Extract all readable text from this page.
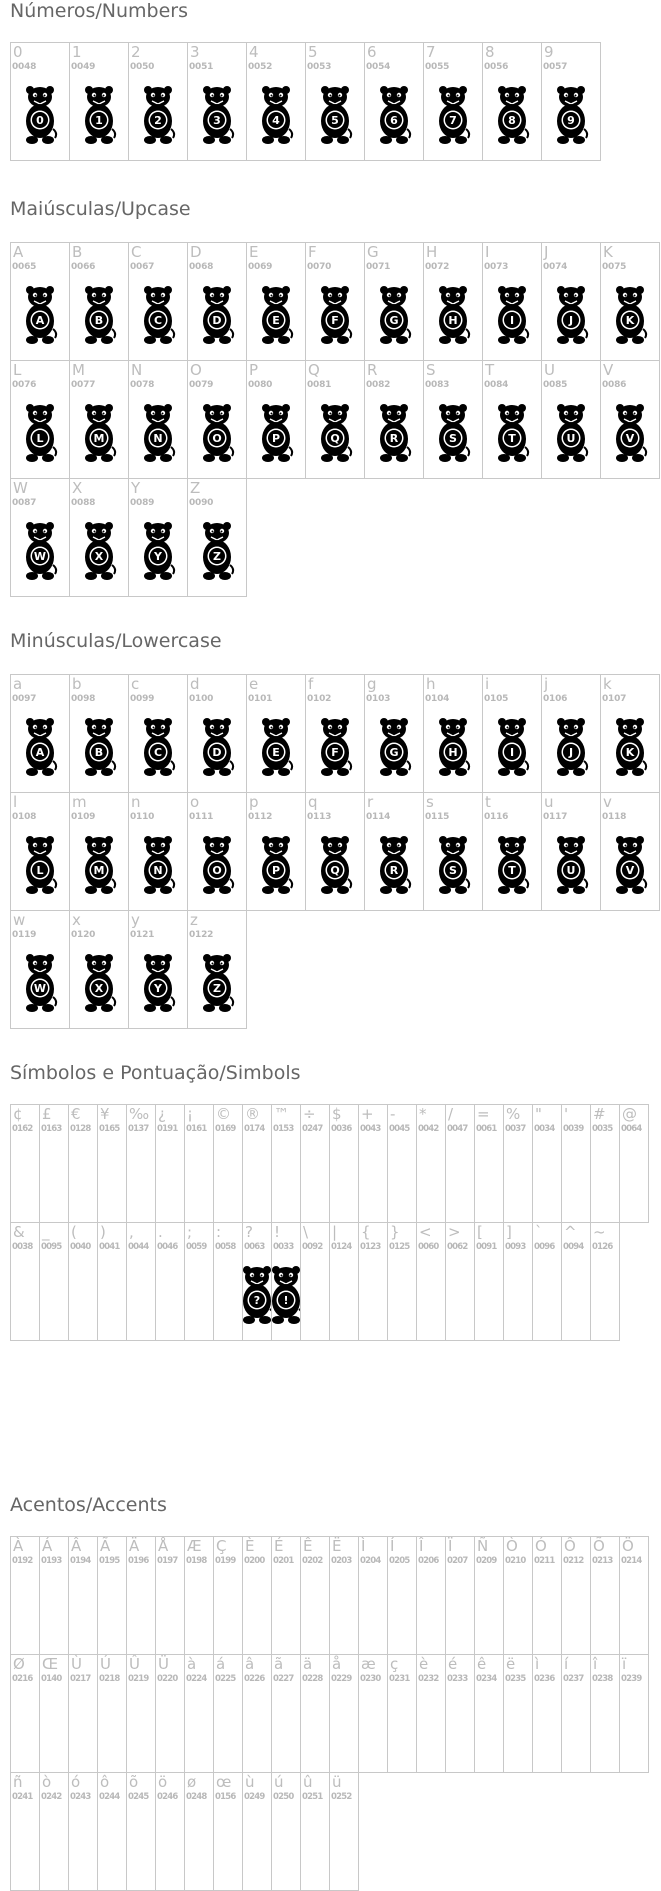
Números/Numbers
0
0048
0
1
0049
1
2
0050
2
3
0051
3
4
0052
4
5
0053
5
6
0054
6
7
0055
7
8
0056
8
9
0057
9
Maiúsculas/Upcase
A
0065
A
B
0066
B
C
0067
C
D
0068
D
E
0069
E
F
0070
F
G
0071
G
H
0072
H
I
0073
I
J
0074
J
K
0075
K
L
0076
L
M
0077
M
N
0078
N
O
0079
O
P
0080
P
Q
0081
Q
R
0082
R
S
0083
S
T
0084
T
U
0085
U
V
0086
V
W
0087
W
X
0088
X
Y
0089
Y
Z
0090
Z
Minúsculas/Lowercase
a
0097
A
b
0098
B
c
0099
C
d
0100
D
e
0101
E
f
0102
F
g
0103
G
h
0104
H
i
0105
I
j
0106
J
k
0107
K
l
0108
L
m
0109
M
n
0110
N
o
0111
O
p
0112
P
q
0113
Q
r
0114
R
s
0115
S
t
0116
T
u
0117
U
v
0118
V
w
0119
W
x
0120
X
y
0121
Y
z
0122
Z
Símbolos e Pontuação/Simbols
¢
0162
£
0163
€
0128
¥
0165
‰
0137
¿
0191
¡
0161
©
0169
®
0174
™
0153
÷
0247
$
0036
+
0043
-
0045
*
0042
/
0047
=
0061
%
0037
"
0034
'
0039
#
0035
@
0064
&
0038
_
0095
(
0040
)
0041
,
0044
.
0046
;
0059
:
0058
?
0063
?
!
0033
!
\
0092
|
0124
{
0123
}
0125
<
0060
>
0062
[
0091
]
0093
`
0096
^
0094
~
0126
Acentos/Accents
À
0192
Á
0193
Â
0194
Ã
0195
Ä
0196
Å
0197
Æ
0198
Ç
0199
È
0200
É
0201
Ê
0202
Ë
0203
Ì
0204
Í
0205
Î
0206
Ï
0207
Ñ
0209
Ò
0210
Ó
0211
Ô
0212
Õ
0213
Ö
0214
Ø
0216
Œ
0140
Ù
0217
Ú
0218
Û
0219
Ü
0220
à
0224
á
0225
â
0226
ã
0227
ä
0228
å
0229
æ
0230
ç
0231
è
0232
é
0233
ê
0234
ë
0235
ì
0236
í
0237
î
0238
ï
0239
ñ
0241
ò
0242
ó
0243
ô
0244
õ
0245
ö
0246
ø
0248
œ
0156
ù
0249
ú
0250
û
0251
ü
0252
